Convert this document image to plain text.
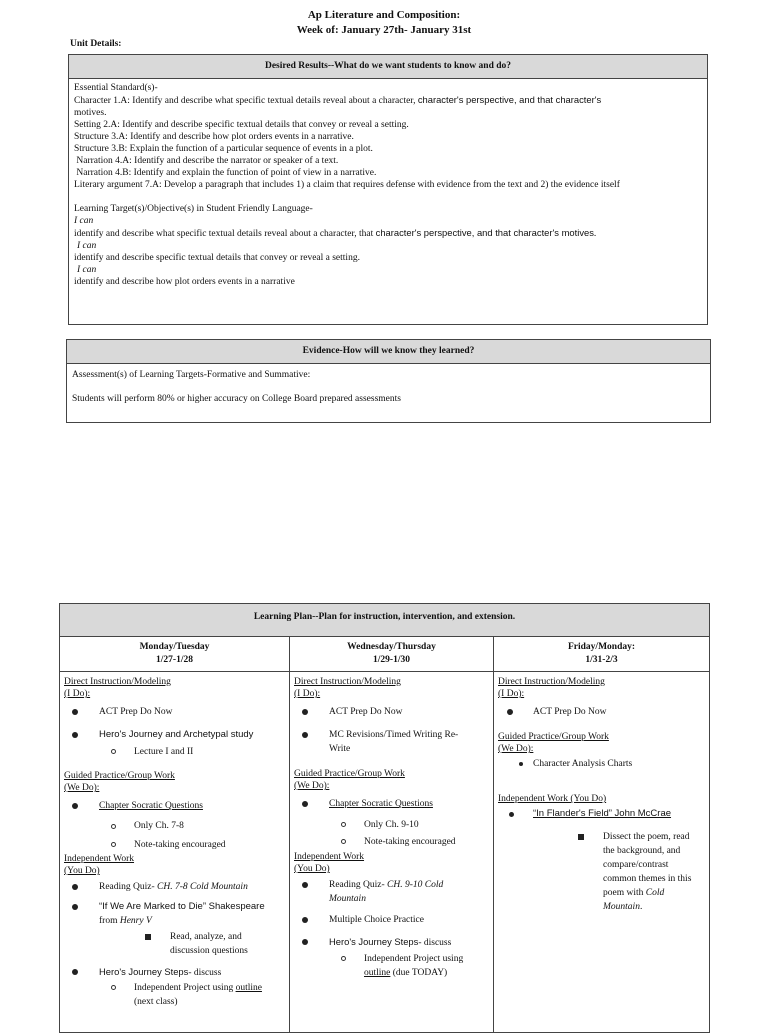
Ap Literature and Composition:
Week of: January 27th- January 31st
Unit Details:
Desired Results--What do we want students to know and do?
Essential Standard(s)-
Character 1.A: Identify and describe what specific textual details reveal about a character, character's perspective, and that character's
motives.
Setting 2.A: Identify and describe specific textual details that convey or reveal a setting.
Structure 3.A: Identify and describe how plot orders events in a narrative.
Structure 3.B: Explain the function of a particular sequence of events in a plot.
Narration 4.A: Identify and describe the narrator or speaker of a text.
Narration 4.B: Identify and explain the function of point of view in a narrative.
Literary argument 7.A: Develop a paragraph that includes 1) a claim that requires defense with evidence from the text and 2) the evidence itself
Learning Target(s)/Objective(s) in Student Friendly Language-
I can
identify and describe what specific textual details reveal about a character, that character's perspective, and that character's motives.
I can
identify and describe specific textual details that convey or reveal a setting.
I can
identify and describe how plot orders events in a narrative
Evidence-How will we know they learned?
Assessment(s) of Learning Targets-Formative and Summative:
Students will perform 80% or higher accuracy on College Board prepared assessments
Learning Plan--Plan for instruction, intervention, and extension.
Monday/Tuesday
1/27-1/28
Direct Instruction/Modeling
(I Do):
ACT Prep Do Now
Hero's Journey and Archetypal study
Lecture I and II
Guided Practice/Group Work
(We Do):
Chapter Socratic Questions
Only Ch. 7-8
Note-taking encouraged
Independent Work
(You Do)
Reading Quiz- CH. 7-8 Cold Mountain
“If We Are Marked to Die” Shakespeare
from Henry V
Read, analyze, and
discussion questions
Hero's Journey Steps- discuss
Independent Project using outline
(next class)
Wednesday/Thursday
1/29-1/30
Direct Instruction/Modeling
(I Do):
ACT Prep Do Now
MC Revisions/Timed Writing Re-
Write
Guided Practice/Group Work
(We Do):
Chapter Socratic Questions
Only Ch. 9-10
Note-taking encouraged
Independent Work
(You Do)
Reading Quiz- CH. 9-10 Cold
Mountain
Multiple Choice Practice
Hero's Journey Steps- discuss
Independent Project using
outline (due TODAY)
Friday/Monday:
1/31-2/3
Direct Instruction/Modeling
(I Do):
ACT Prep Do Now
Guided Practice/Group Work
(We Do):
Character Analysis Charts
Independent Work (You Do)
“In Flander's Field” John McCrae
Dissect the poem, read
the background, and
compare/contrast
common themes in this
poem with Cold
Mountain.
